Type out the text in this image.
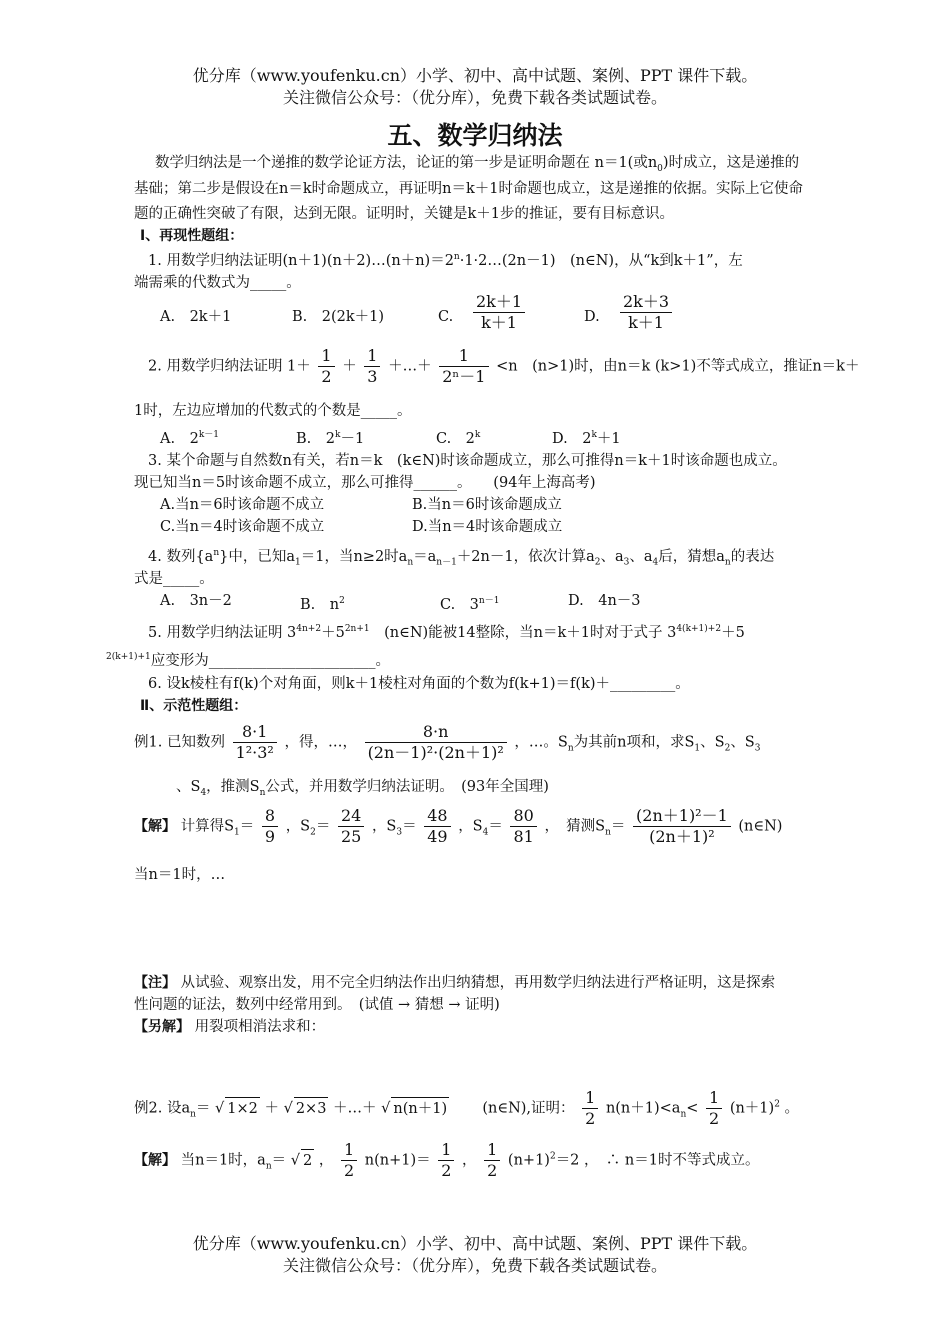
优分库（www.youfenku.cn）小学、初中、高中试题、案例、PPT 课件下载。
关注微信公众号：（优分库），免费下载各类试题试卷。
五、数学归纳法
数学归纳法是一个递推的数学论证方法，论证的第一步是证明命题在 n＝1(或$n_0$)时成立，这是递推的
基础；第二步是假设在n＝k时命题成立，再证明n＝k＋1时命题也成立，这是递推的依据。实际上它使命
题的正确性突破了有限，达到无限。证明时，关键是k＋1步的推证，要有目标意识。
Ⅰ、再现性题组：
1. 用数学归纳法证明$(n+1)(n+2)\dots(n+n)=2^n\cdot 1\cdot 2\dots(2n-1)$　(n∈N)，从“k到k＋1”，左
端需乘的代数式为_____。
A.　2k＋1	B.　2(2k＋1)	C. $\frac{2k+1}{k+1}$	D. $\frac{2k+3}{k+1}$
2. 用数学归纳法证明 $1+ \frac{1}{2} + \frac{1}{3}$ ＋…＋ $\frac{1}{\text{2ⁿ－1}} <n$　(n>1)时，由n＝k (k>1)不等式成立，推证n＝k＋
1时，左边应增加的代数式的个数是_____。
A.　$2^{k-1}$	B.　$2^k-1$	C.　2$^k$	D.　$2^k+1$
3. 某个命题与自然数n有关，若n＝k　(k∈N)时该命题成立，那么可推得n＝k＋1时该命题也成立。
现已知当n＝5时该命题不成立，那么可推得______。　　(94年上海高考)
A.当n＝6时该命题不成立	B.当n＝6时该命题成立
C.当n＝4时该命题不成立	D.当n＝4时该命题成立
4. 数列$\{a^n\}$中，已知$a_1=1$，当n≥2时$a_n=a_{n-1}+2n-1$，依次计算$a_2$、$a_3$、$a_4$后，猜想$a_n$的表达
式是_____。
A.　3n－2	B.　$n^2$	C.　$3^{n-1}$	D.　4n－3
5. 用数学归纳法证明 $3^{4n+2}+5^{2n+1}$　(n∈N)能被14整除，当n＝k＋1时对于式子 $3^{4(k+1)+2}+5$
$^{2(k+1)+1}$应变形为_______________________。
6. 设k棱柱有f(k)个对角面，则k＋1棱柱对角面的个数为f(k+1)＝f(k)＋_________。
Ⅱ、示范性题组：
例1. 已知数列 $\frac{8\cdot 1}{\text{1²·3²}}$ ，得，…， $\frac{8\cdot n}{\text{(2n－1)²·(2n＋1)²}}$ ，…。$S_n$为其前n项和，求$S_1$、$S_2$、$S_3$
、$S_4$，推测$S_n$公式，并用数学归纳法证明。　(93年全国理)
【解】 计算得$S_1= \frac{8}{9}$ ，$S_2= \frac{24}{25}$ ，$S_3= \frac{48}{49}$ ，$S_4= \frac{80}{81}$ ，　猜测$S_n= \frac{\text{(2n＋1)²－1}}{\text{(2n＋1)²}}$ (n∈N)
当n＝1时，…
【注】 从试验、观察出发，用不完全归纳法作出归纳猜想，再用数学归纳法进行严格证明，这是探索
性问题的证法，数列中经常用到。　(试值 → 猜想 → 证明)
【另解】 用裂项相消法求和：
例2. 设$a_n=$ √ 1×2 ＋ √ 2×3 ＋…＋ √ n(n＋1) (n∈N),证明： $\frac{1}{2} n(n+1)<a_n< \frac{1}{2} (n+1)^2$ 。
【解】 当n＝1时，$a_n=$ √ 2 ， $\frac{1}{2} n(n+1)= \frac{1}{2}$ ， $\frac{1}{2} (n+1)^2=2$ ，　∴ n＝1时不等式成立。
优分库（www.youfenku.cn）小学、初中、高中试题、案例、PPT 课件下载。
关注微信公众号：（优分库），免费下载各类试题试卷。
